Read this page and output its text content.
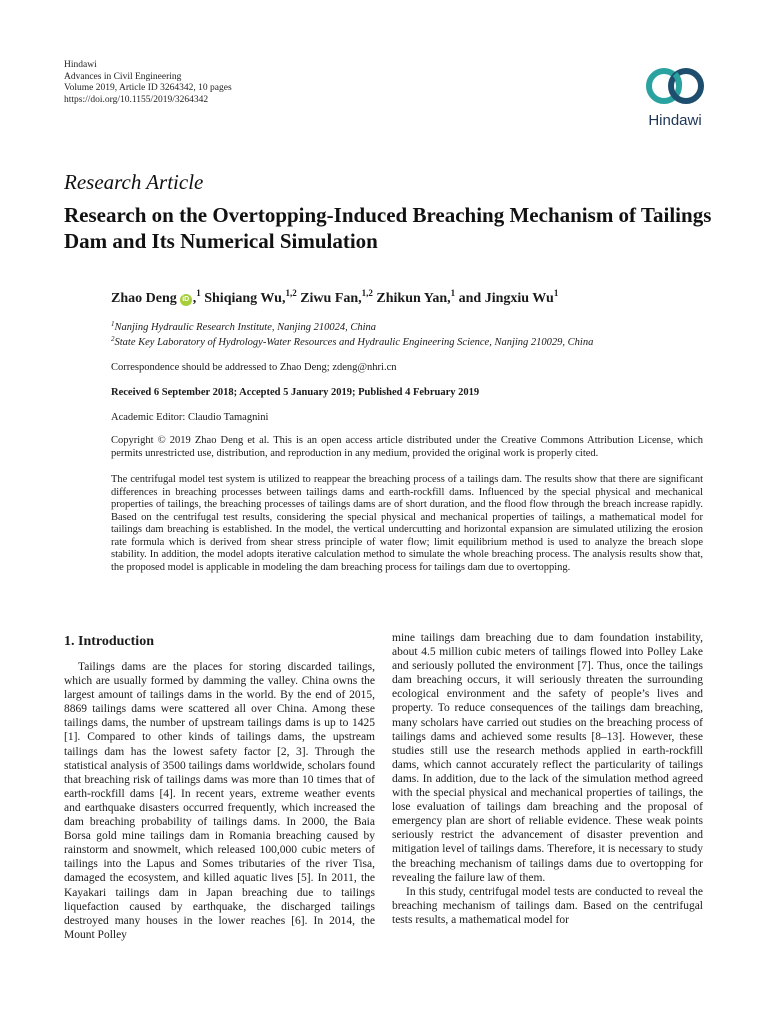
Hindawi
Advances in Civil Engineering
Volume 2019, Article ID 3264342, 10 pages
https://doi.org/10.1155/2019/3264342
Hindawi
Research Article
Research on the Overtopping-Induced Breaching Mechanism of Tailings Dam and Its Numerical Simulation
Zhao Deng iD ,$^1$ Shiqiang Wu,$^{1,2}$ Ziwu Fan,$^{1,2}$ Zhikun Yan,$^1$ and Jingxiu Wu$^1$
$^1$Nanjing Hydraulic Research Institute, Nanjing 210024, China
$^2$State Key Laboratory of Hydrology-Water Resources and Hydraulic Engineering Science, Nanjing 210029, China
Correspondence should be addressed to Zhao Deng; zdeng@nhri.cn
Received 6 September 2018; Accepted 5 January 2019; Published 4 February 2019
Academic Editor: Claudio Tamagnini
Copyright © 2019 Zhao Deng et al. This is an open access article distributed under the Creative Commons Attribution License, which permits unrestricted use, distribution, and reproduction in any medium, provided the original work is properly cited.
The centrifugal model test system is utilized to reappear the breaching process of a tailings dam. The results show that there are significant differences in breaching processes between tailings dams and earth-rockfill dams. Influenced by the special physical and mechanical properties of tailings, the breaching processes of tailings dams are of short duration, and the flood flow through the breach increase rapidly. Based on the centrifugal test results, considering the special physical and mechanical properties of tailings, a mathematical model for tailings dam breaching is established. In the model, the vertical undercutting and horizontal expansion are simulated utilizing the erosion rate formula which is derived from shear stress principle of water flow; limit equilibrium method is used to analyze the breach slope stability. In addition, the model adopts iterative calculation method to simulate the whole breaching process. The analysis results show that, the proposed model is applicable in modeling the dam breaching process for tailings dam due to overtopping.
1. Introduction

Tailings dams are the places for storing discarded tailings, which are usually formed by damming the valley. China owns the largest amount of tailings dams in the world. By the end of 2015, 8869 tailings dams were scattered all over China. Among these tailings dams, the number of upstream tailings dams is up to 1425 [1]. Compared to other kinds of tailings dams, the upstream tailings dam has the lowest safety factor [2, 3]. Through the statistical analysis of 3500 tailings dams worldwide, scholars found that breaching risk of tailings dams was more than 10 times that of earth-rockfill dams [4]. In recent years, extreme weather events and earthquake disasters occurred frequently, which increased the dam breaching probability of tailings dams. In 2000, the Baia Borsa gold mine tailings dam in Romania breaching caused by rainstorm and snowmelt, which released 100,000 cubic meters of tailings into the Lapus and Somes tributaries of the river Tisa, damaged the ecosystem, and killed aquatic lives [5]. In 2011, the Kayakari tailings dam in Japan breaching due to tailings liquefaction caused by earthquake, the discharged tailings destroyed many houses in the lower reaches [6]. In 2014, the Mount Polley

mine tailings dam breaching due to dam foundation instability, about 4.5 million cubic meters of tailings flowed into Polley Lake and seriously polluted the environment [7]. Thus, once the tailings dam breaching occurs, it will seriously threaten the surrounding ecological environment and the safety of people’s lives and property. To reduce consequences of the tailings dam breaching, many scholars have carried out studies on the breaching process of tailings dams and achieved some results [8–13]. However, these studies still use the research methods applied in earth-rockfill dams, which cannot accurately reflect the particularity of tailings dams. In addition, due to the lack of the simulation method agreed with the special physical and mechanical properties of tailings, the lose evaluation of tailings dam breaching and the proposal of emergency plan are short of reliable evidence. These weak points seriously restrict the advancement of disaster prevention and mitigation level of tailings dams. Therefore, it is necessary to study the breaching mechanism of tailings dams due to overtopping for revealing the failure law of them.

In this study, centrifugal model tests are conducted to reveal the breaching mechanism of tailings dam. Based on the centrifugal tests results, a mathematical model for
